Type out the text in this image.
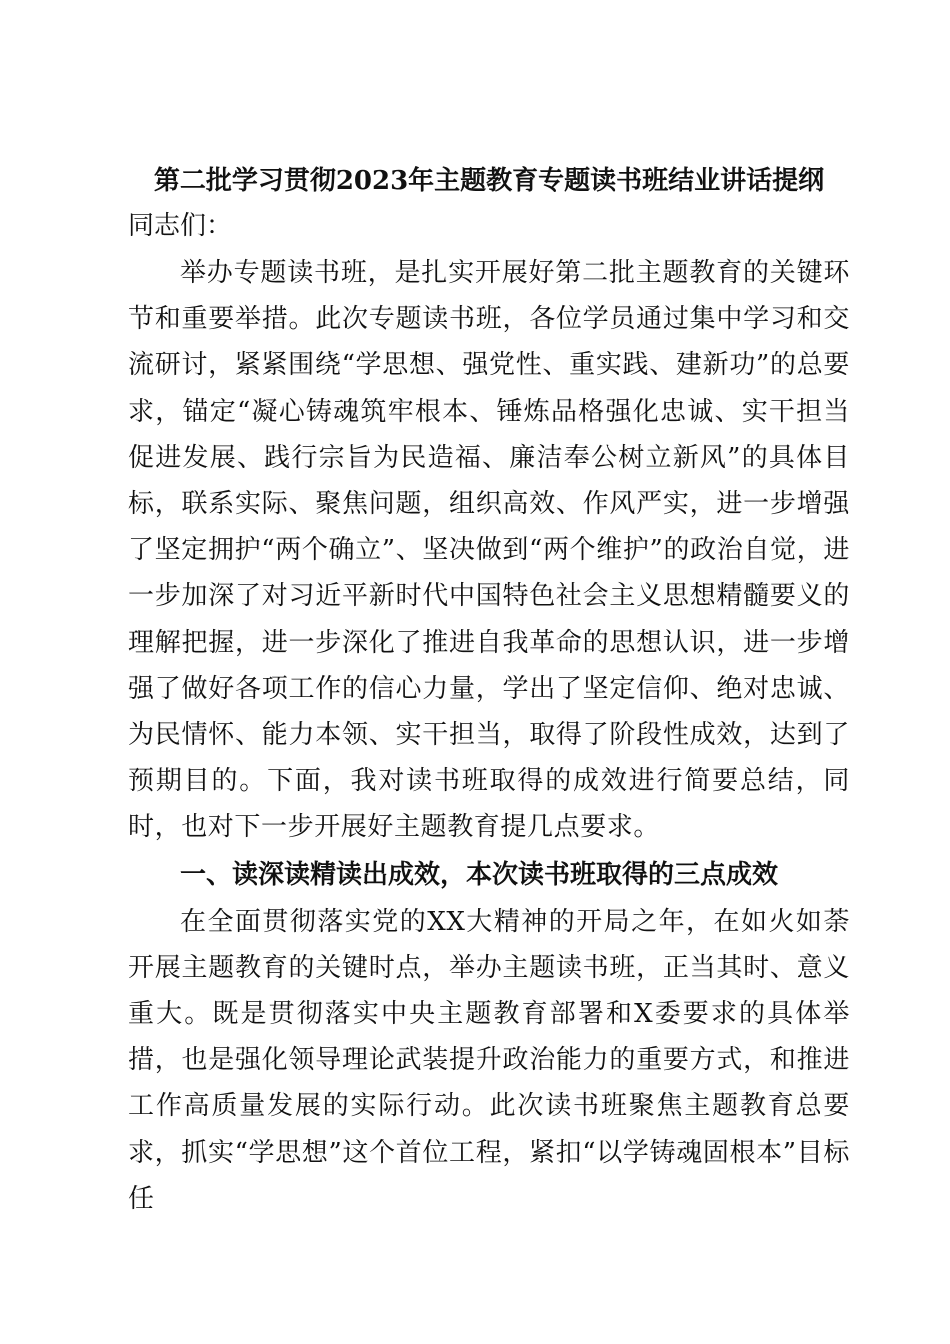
第二批学习贯彻2023年主题教育专题读书班结业讲话提纲

同志们：

举办专题读书班，是扎实开展好第二批主题教育的关键环节和重要举措。此次专题读书班，各位学员通过集中学习和交流研讨，紧紧围绕“学思想、强党性、重实践、建新功”的总要求，锚定“凝心铸魂筑牢根本、锤炼品格强化忠诚、实干担当促进发展、践行宗旨为民造福、廉洁奉公树立新风”的具体目标，联系实际、聚焦问题，组织高效、作风严实，进一步增强了坚定拥护“两个确立”、坚决做到“两个维护”的政治自觉，进一步加深了对习近平新时代中国特色社会主义思想精髓要义的理解把握，进一步深化了推进自我革命的思想认识，进一步增强了做好各项工作的信心力量，学出了坚定信仰、绝对忠诚、为民情怀、能力本领、实干担当，取得了阶段性成效，达到了预期目的。下面，我对读书班取得的成效进行简要总结，同时，也对下一步开展好主题教育提几点要求。

一、读深读精读出成效，本次读书班取得的三点成效

在全面贯彻落实党的XX大精神的开局之年，在如火如荼开展主题教育的关键时点，举办主题读书班，正当其时、意义重大。既是贯彻落实中央主题教育部署和X委要求的具体举措，也是强化领导理论武装提升政治能力的重要方式，和推进工作高质量发展的实际行动。此次读书班聚焦主题教育总要求，抓实“学思想”这个首位工程，紧扣“以学铸魂固根本”目标任
